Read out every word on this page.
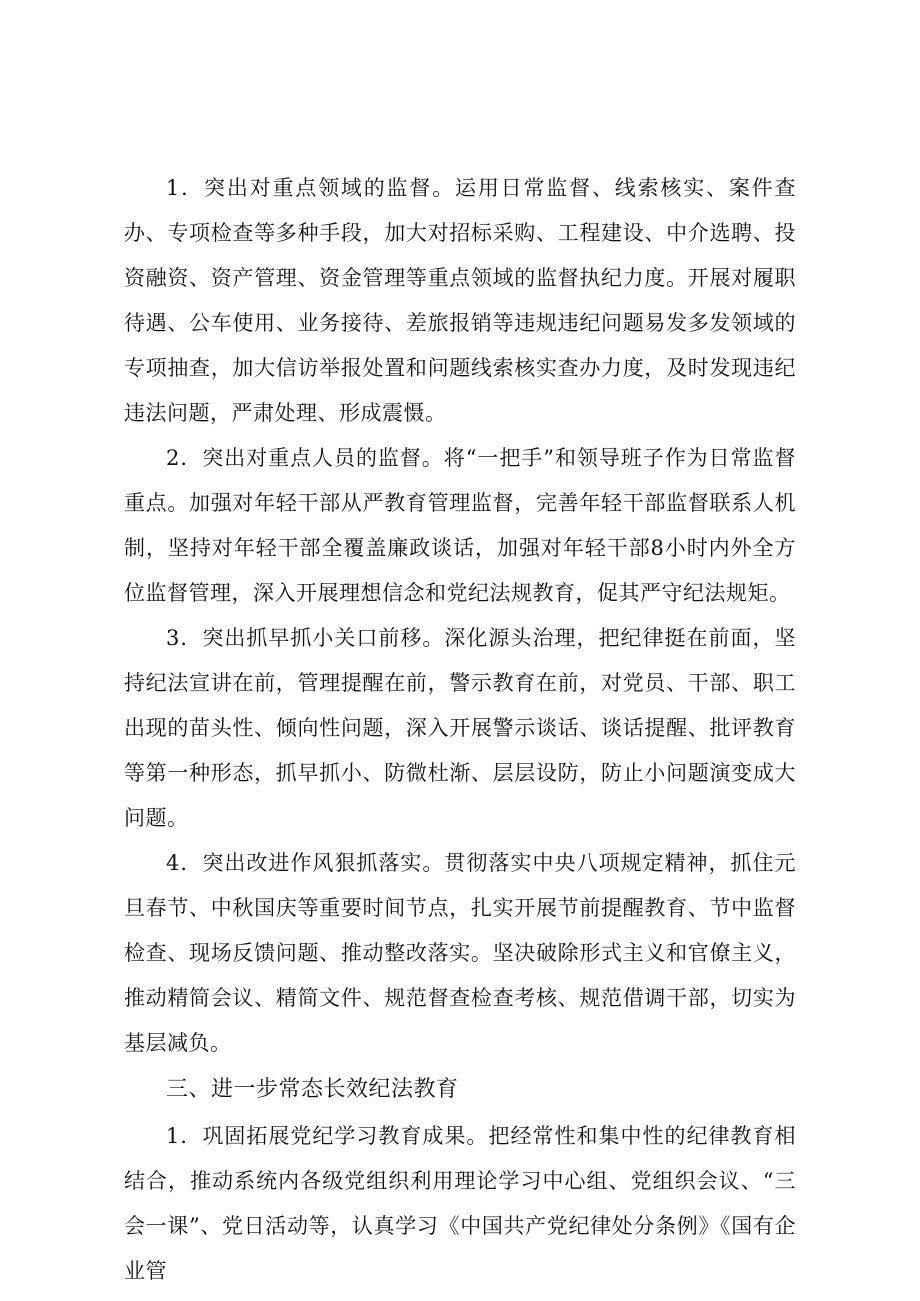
1．突出对重点领域的监督。运用日常监督、线索核实、案件查办、专项检查等多种手段，加大对招标采购、工程建设、中介选聘、投资融资、资产管理、资金管理等重点领域的监督执纪力度。开展对履职待遇、公车使用、业务接待、差旅报销等违规违纪问题易发多发领域的专项抽查，加大信访举报处置和问题线索核实查办力度，及时发现违纪违法问题，严肃处理、形成震慑。

2．突出对重点人员的监督。将“一把手”和领导班子作为日常监督重点。加强对年轻干部从严教育管理监督，完善年轻干部监督联系人机制，坚持对年轻干部全覆盖廉政谈话，加强对年轻干部8小时内外全方位监督管理，深入开展理想信念和党纪法规教育，促其严守纪法规矩。

3．突出抓早抓小关口前移。深化源头治理，把纪律挺在前面，坚持纪法宣讲在前，管理提醒在前，警示教育在前，对党员、干部、职工出现的苗头性、倾向性问题，深入开展警示谈话、谈话提醒、批评教育等第一种形态，抓早抓小、防微杜渐、层层设防，防止小问题演变成大问题。

4．突出改进作风狠抓落实。贯彻落实中央八项规定精神，抓住元旦春节、中秋国庆等重要时间节点，扎实开展节前提醒教育、节中监督检查、现场反馈问题、推动整改落实。坚决破除形式主义和官僚主义，推动精简会议、精简文件、规范督查检查考核、规范借调干部，切实为基层减负。

三、进一步常态长效纪法教育

1．巩固拓展党纪学习教育成果。把经常性和集中性的纪律教育相结合，推动系统内各级党组织利用理论学习中心组、党组织会议、“三会一课”、党日活动等，认真学习《中国共产党纪律处分条例》《国有企业管
